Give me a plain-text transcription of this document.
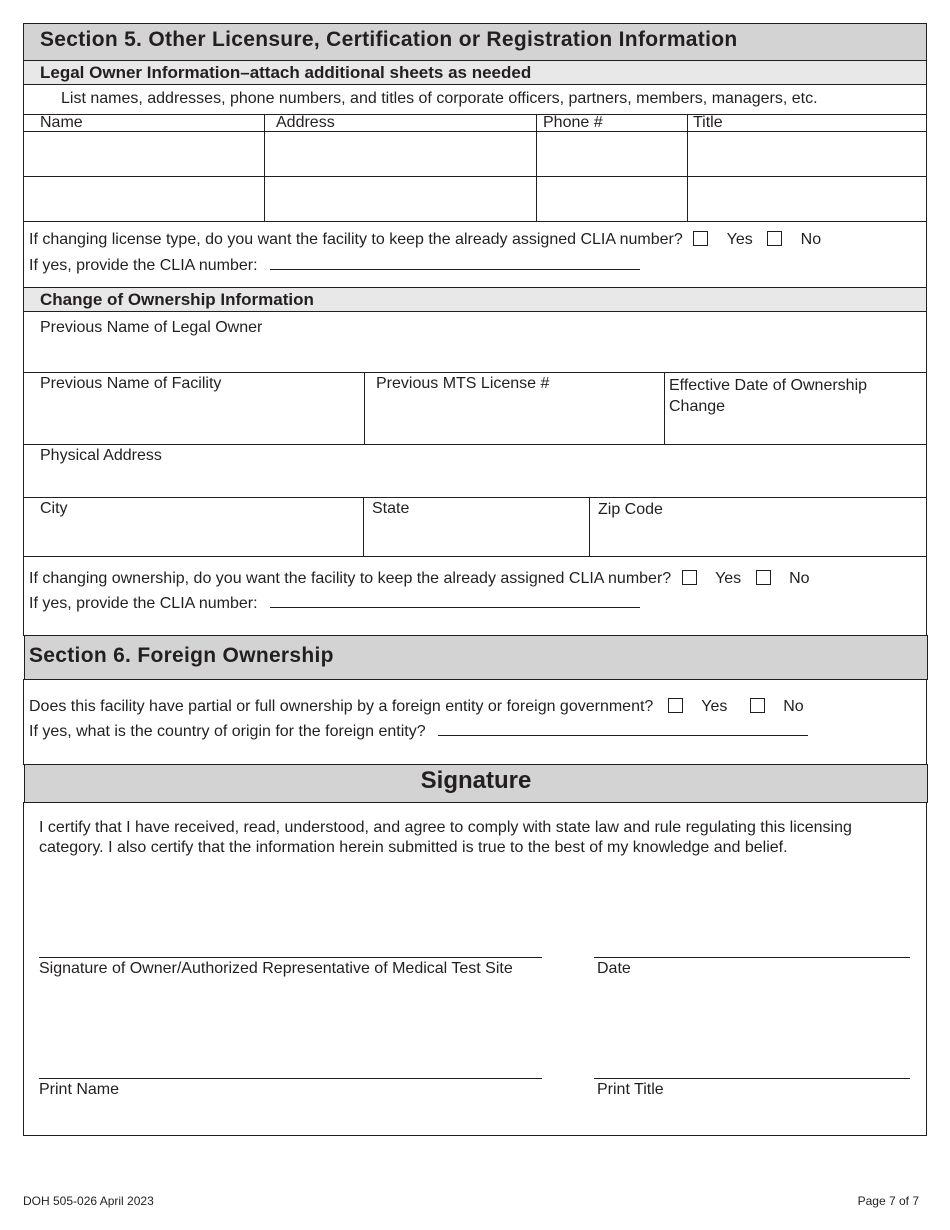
Section 5. Other Licensure, Certification or Registration Information
Legal Owner Information–attach additional sheets as needed
List names, addresses, phone numbers, and titles of corporate officers, partners, members, managers, etc.
Name	Address	Phone #	Title
If changing license type, do you want the facility to keep the already assigned CLIA number?	Yes	No
If yes, provide the CLIA number:
Change of Ownership Information
Previous Name of Legal Owner
Previous Name of Facility	Previous MTS License #	Effective Date of Ownership Change
Physical Address
City	State	Zip Code
If changing ownership, do you want the facility to keep the already assigned CLIA number?	Yes	No
If yes, provide the CLIA number:
Section 6. Foreign Ownership
Does this facility have partial or full ownership by a foreign entity or foreign government?	Yes	No
If yes, what is the country of origin for the foreign entity?
Signature
I certify that I have received, read, understood, and agree to comply with state law and rule regulating this licensing category. I also certify that the information herein submitted is true to the best of my knowledge and belief.
Signature of Owner/Authorized Representative of Medical Test Site	Date
Print Name	Print Title
DOH 505-026 April 2023	Page 7 of 7
